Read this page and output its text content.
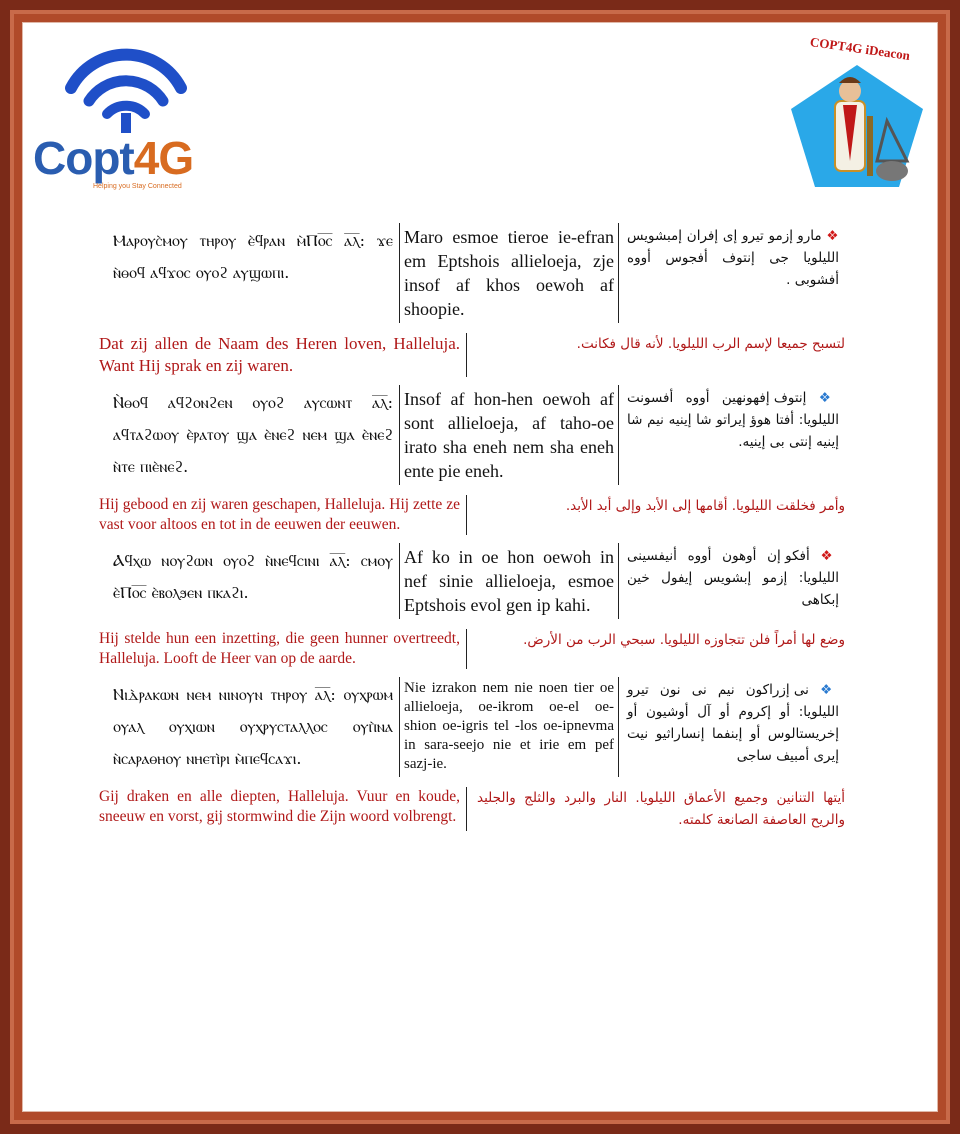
Copt4G
Helping you Stay Connected
COPT4G iDeacon
Ⲙⲁⲣⲟⲩⲥ̀ⲙⲟⲩ ⲧⲏⲣⲟⲩ ⲉ̀ϥⲣⲁⲛ ⲙ̀Ⲡⲟ̅ⲥ̅ ⲁ̅ⲗ̅: ϫⲉ ⲛ̀ⲑⲟϥ ⲁϥϫⲟⲥ ⲟⲩⲟϩ ⲁⲩϣⲱⲡⲓ.
Maro esmoe tieroe ie-efran em Eptshois allieloeja, zje insof af khos oewoh af shoopie.
❖ مارو إزمو تيرو إى إفران إمبشويس الليلويا جى إنتوف أفجوس أووه أفشوبى .
Dat zij allen de Naam des Heren loven, Halleluja. Want Hij sprak en zij waren.
لتسبح جميعا لإسم الرب الليلويا. لأنه قال فكانت.
Ⲛ̀ⲑⲟϥ ⲁϥϩⲟⲛϩⲉⲛ ⲟⲩⲟϩ ⲁⲩⲥⲱⲛⲧ ⲁ̅ⲗ̅: ⲁϥⲧⲁϩⲱⲟⲩ ⲉ̀ⲣⲁⲧⲟⲩ ϣⲁ ⲉ̀ⲛⲉϩ ⲛⲉⲙ ϣⲁ ⲉ̀ⲛⲉϩ ⲛ̀ⲧⲉ ⲡⲓⲉ̀ⲛⲉϩ.
Insof af hon-hen oewoh af sont allieloeja, af taho-oe irato sha eneh nem sha eneh ente pie eneh.
❖ إنتوف إفهونهين أووه أفسونت الليلويا: أفتا هوؤ إيراتو شا إينيه نيم شا إينيه إنتى بى إينيه.
Hij gebood en zij waren geschapen, Halleluja. Hij zette ze vast voor altoos en tot in de eeuwen der eeuwen.
وأمر فخلقت الليلويا. أقامها إلى الأبد وإلى أبد الأبد.
Ⲁϥⲭⲱ ⲛⲟⲩϩⲱⲛ ⲟⲩⲟϩ ⲛ̀ⲛⲉϥⲥⲓⲛⲓ ⲁ̅ⲗ̅: ⲥⲙⲟⲩ ⲉ̀Ⲡⲟ̅ⲥ̅ ⲉ̀ⲃⲟⲗϧⲉⲛ ⲡⲕⲁϩⲓ.
Af ko in oe hon oewoh in nef sinie allieloeja, esmoe Eptshois evol gen ip kahi.
❖ أفكو إن أوهون أووه أنيفسينى الليلويا: إزمو إبشويس إيفول خين إبكاهى
Hij stelde hun een inzetting, die geen hunner overtreedt, Halleluja. Looft de Heer van op de aarde.
وضع لها أمراً فلن تتجاوزه الليلويا. سبحي الرب من الأرض.
Ⲛⲓⲇ̀ⲣⲁⲕⲱⲛ ⲛⲉⲙ ⲛⲓⲛⲟⲩⲛ ⲧⲏⲣⲟⲩ ⲁ̅ⲗ̅: ⲟⲩⲭⲣⲱⲙ ⲟⲩⲁⲗ ⲟⲩⲭⲓⲱⲛ ⲟⲩⲭⲣⲩⲥⲧⲁⲗⲗⲟⲥ ⲟⲩⲡ̀ⲛⲁ ⲛ̀ⲥⲁⲣⲁⲑⲏⲟⲩ ⲛⲏⲉⲧⲓ̀ⲣⲓ ⲙ̀ⲡⲉϥⲥⲁϫⲓ.
Nie izrakon nem nie noen tier oe allieloeja, oe-ikrom oe-el oe- shion oe-igris tel -los oe-ipnevma in sara-seejo nie et irie em pef sazj-ie.
❖ نى إزراكون نيم نى نون تيرو الليلويا: أو إكروم أو آل أوشيون أو إخريستالوس أو إبنفما إنساراثيو نيت إيرى أمبيف ساجى
Gij draken en alle diepten, Halleluja. Vuur en koude, sneeuw en vorst, gij stormwind die Zijn woord volbrengt.
أيتها التنانين وجميع الأعماق الليلويا. النار والبرد والثلج والجليد والريح العاصفة الصانعة كلمته.
